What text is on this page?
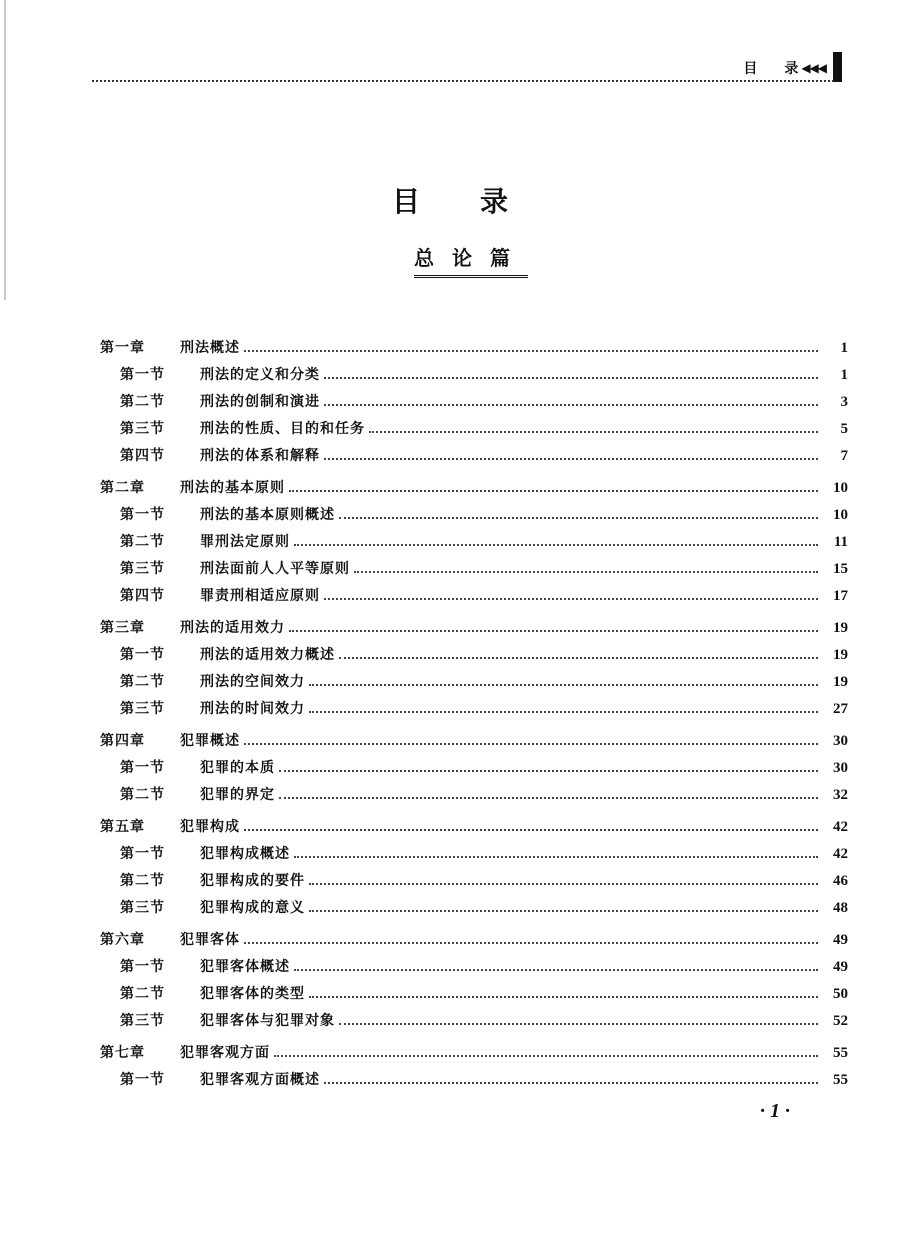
目 录 ◀◀◀
目 录
总论篇
第一章	刑法概述	1
第一节	刑法的定义和分类	1
第二节	刑法的创制和演进	3
第三节	刑法的性质、目的和任务	5
第四节	刑法的体系和解释	7
第二章	刑法的基本原则	10
第一节	刑法的基本原则概述	10
第二节	罪刑法定原则	11
第三节	刑法面前人人平等原则	15
第四节	罪责刑相适应原则	17
第三章	刑法的适用效力	19
第一节	刑法的适用效力概述	19
第二节	刑法的空间效力	19
第三节	刑法的时间效力	27
第四章	犯罪概述	30
第一节	犯罪的本质	30
第二节	犯罪的界定	32
第五章	犯罪构成	42
第一节	犯罪构成概述	42
第二节	犯罪构成的要件	46
第三节	犯罪构成的意义	48
第六章	犯罪客体	49
第一节	犯罪客体概述	49
第二节	犯罪客体的类型	50
第三节	犯罪客体与犯罪对象	52
第七章	犯罪客观方面	55
第一节	犯罪客观方面概述	55
· 1 ·
